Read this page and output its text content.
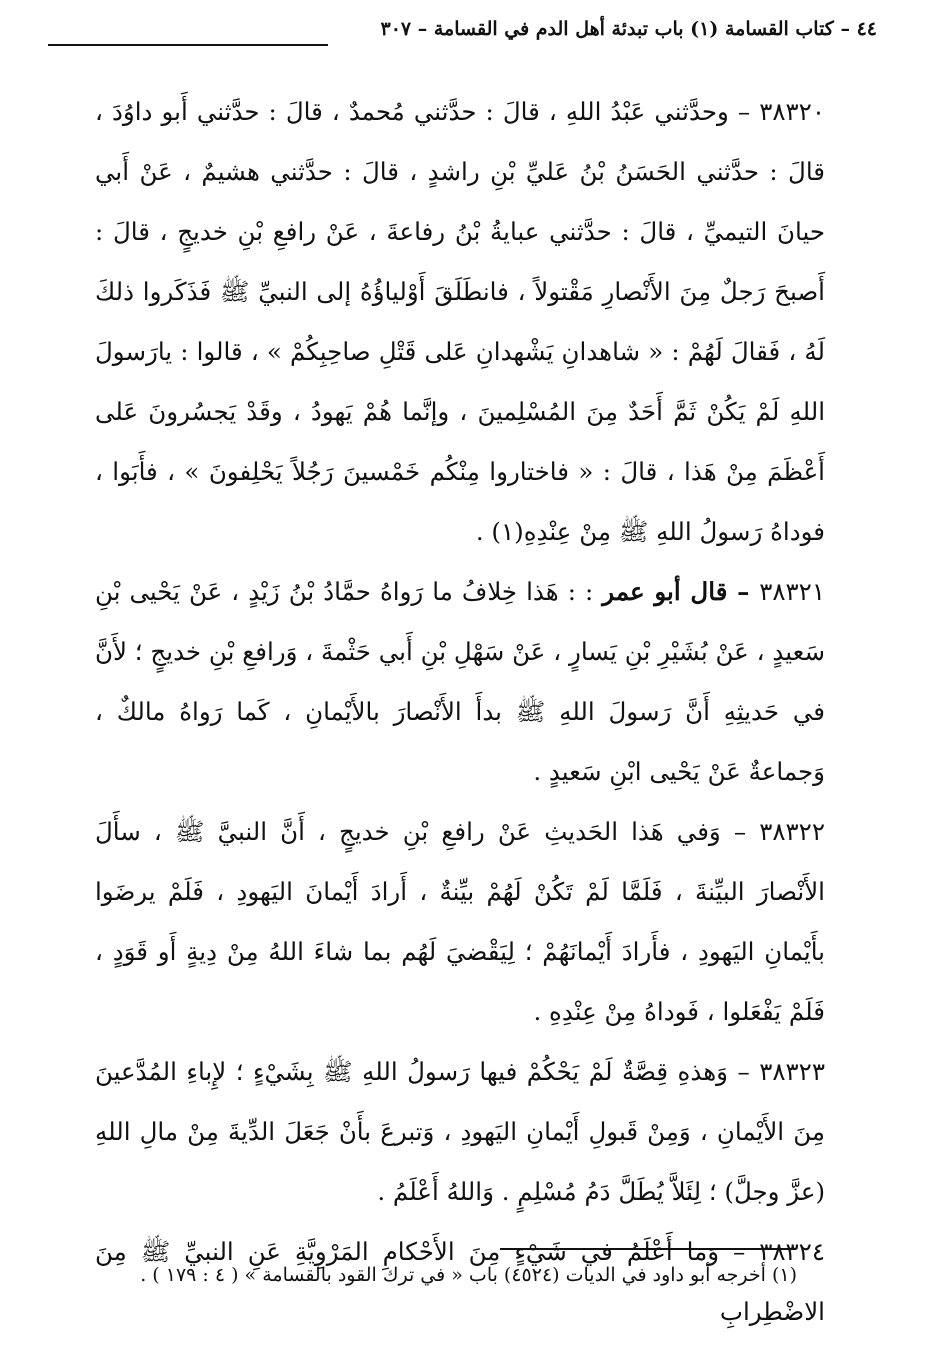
٤٤ – كتاب القسامة (١) باب تبدئة أهل الدم في القسامة – ٣٠٧

٣٨٣٢٠ – وحدَّثني عَبْدُ اللهِ ، قالَ : حدَّثني مُحمدٌ ، قالَ : حدَّثني أَبو داوُدَ ، قالَ : حدَّثني الحَسَنُ بْنُ عَليِّ بْنِ راشدٍ ، قالَ : حدَّثني هشيمٌ ، عَنْ أَبي حيانَ التيميِّ ، قالَ : حدَّثني عبايةُ بْنُ رفاعةَ ، عَنْ رافعِ بْنِ خديجٍ ، قالَ : أَصبحَ رَجلٌ مِنَ الأَنْصارِ مَقْتولاً ، فانطَلَقَ أَوْلياؤُهُ إلى النبيِّ ﷺ فَذَكَروا ذلكَ لَهُ ، فَقالَ لَهُمْ : « شاهدانِ يَشْهدانِ عَلى قَتْلِ صاحِبِكُمْ » ، قالوا : يارَسولَ اللهِ لَمْ يَكُنْ ثَمَّ أَحَدٌ مِنَ المُسْلِمينَ ، وإنَّما هُمْ يَهودُ ، وقَدْ يَجسُرونَ عَلى أَعْظَمَ مِنْ هَذا ، قالَ : « فاختاروا مِنْكُم خَمْسينَ رَجُلاً يَحْلِفونَ » ، فأَبَوا ، فوداهُ رَسولُ اللهِ ﷺ مِنْ عِنْدِهِ(١) .

٣٨٣٢١ – قال أبو عمر : : هَذا خِلافُ ما رَواهُ حمَّادُ بْنُ زَيْدٍ ، عَنْ يَحْيى بْنِ سَعيدٍ ، عَنْ بُشَيْرِ بْنِ يَسارٍ ، عَنْ سَهْلِ بْنِ أَبي حَثْمةَ ، وَرافعِ بْنِ خديجٍ ؛ لأَنَّ في حَديثِهِ أَنَّ رَسولَ اللهِ ﷺ بدأَ الأَنْصارَ بالأَيْمانِ ، كَما رَواهُ مالكٌ ، وَجماعةٌ عَنْ يَحْيى ابْنِ سَعيدٍ .

٣٨٣٢٢ – وَفي هَذا الحَديثِ عَنْ رافعِ بْنِ خديجٍ ، أَنَّ النبيَّ ﷺ ، سأَلَ الأَنْصارَ البيِّنةَ ، فَلَمَّا لَمْ تَكُنْ لَهُمْ بيِّنةٌ ، أَرادَ أَيْمانَ اليَهودِ ، فَلَمْ يرضَوا بأَيْمانِ اليَهودِ ، فأَرادَ أَيْمانَهُمْ ؛ لِيَقْضيَ لَهُم بما شاءَ اللهُ مِنْ دِيةٍ أَو قَوَدٍ ، فَلَمْ يَفْعَلوا ، فَوداهُ مِنْ عِنْدِهِ .

٣٨٣٢٣ – وَهذهِ قِصَّةٌ لَمْ يَحْكُمْ فيها رَسولُ اللهِ ﷺ بِشَيْءٍ ؛ لإِباءِ المُدَّعينَ مِنَ الأَيْمانِ ، وَمِنْ قَبولِ أَيْمانِ اليَهودِ ، وَتبرعَ بأَنْ جَعَلَ الدِّيةَ مِنْ مالِ اللهِ (عزَّ وجلَّ) ؛ لِئَلاَّ يُطَلَّ دَمُ مُسْلِمٍ . وَاللهُ أَعْلَمُ .

٣٨٣٢٤ – وَما أَعْلَمُ في شَيْءٍ مِنَ الأَحْكامِ المَرْوِيَّةِ عَنِ النبيِّ ﷺ مِنَ الاضْطِرابِ

(١) أخرجه أبو داود في الديات (٤٥٢٤) باب « في ترك القود بالقسامة » ( ٤ : ١٧٩ ) .
